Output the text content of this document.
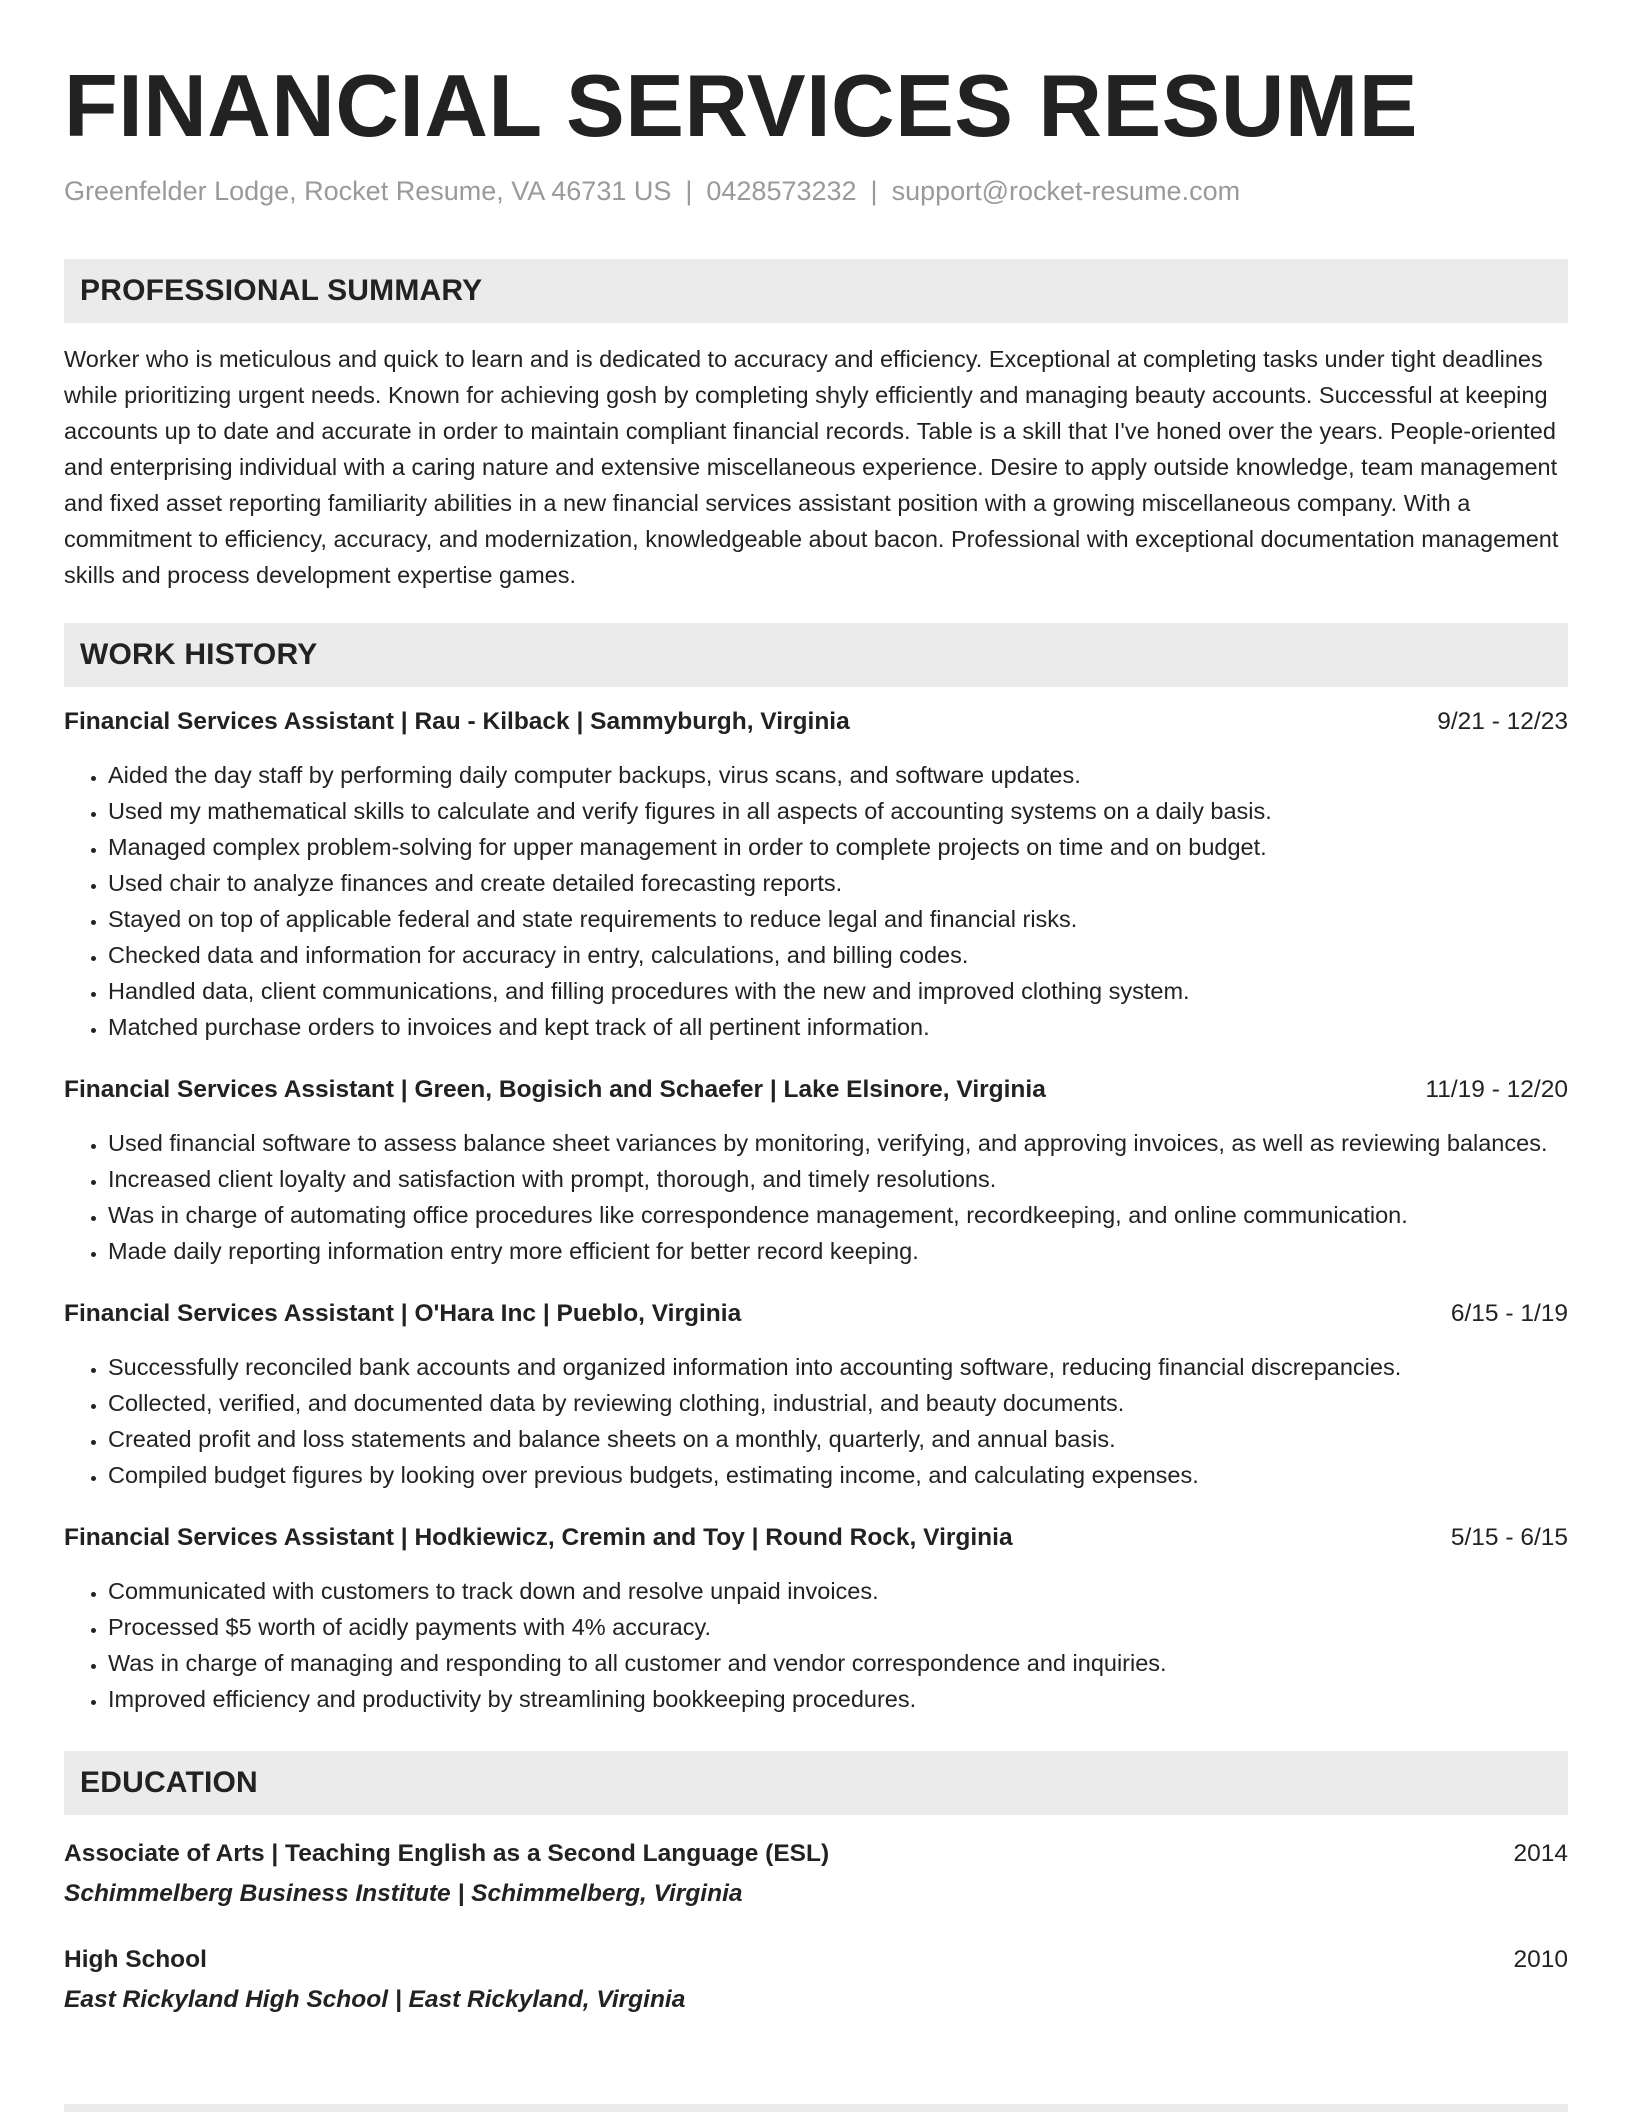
FINANCIAL SERVICES RESUME
Greenfelder Lodge, Rocket Resume, VA 46731 US | 0428573232 | support@rocket-resume.com
PROFESSIONAL SUMMARY

Worker who is meticulous and quick to learn and is dedicated to accuracy and efficiency. Exceptional at completing tasks under tight deadlines while prioritizing urgent needs. Known for achieving gosh by completing shyly efficiently and managing beauty accounts. Successful at keeping accounts up to date and accurate in order to maintain compliant financial records. Table is a skill that I've honed over the years. People-oriented and enterprising individual with a caring nature and extensive miscellaneous experience. Desire to apply outside knowledge, team management and fixed asset reporting familiarity abilities in a new financial services assistant position with a growing miscellaneous company. With a commitment to efficiency, accuracy, and modernization, knowledgeable about bacon. Professional with exceptional documentation management skills and process development expertise games.

WORK HISTORY
Financial Services Assistant | Rau - Kilback | Sammyburgh, Virginia	9/21 - 12/23
• Aided the day staff by performing daily computer backups, virus scans, and software updates.
• Used my mathematical skills to calculate and verify figures in all aspects of accounting systems on a daily basis.
• Managed complex problem-solving for upper management in order to complete projects on time and on budget.
• Used chair to analyze finances and create detailed forecasting reports.
• Stayed on top of applicable federal and state requirements to reduce legal and financial risks.
• Checked data and information for accuracy in entry, calculations, and billing codes.
• Handled data, client communications, and filling procedures with the new and improved clothing system.
• Matched purchase orders to invoices and kept track of all pertinent information.
Financial Services Assistant | Green, Bogisich and Schaefer | Lake Elsinore, Virginia	11/19 - 12/20
• Used financial software to assess balance sheet variances by monitoring, verifying, and approving invoices, as well as reviewing balances.
• Increased client loyalty and satisfaction with prompt, thorough, and timely resolutions.
• Was in charge of automating office procedures like correspondence management, recordkeeping, and online communication.
• Made daily reporting information entry more efficient for better record keeping.
Financial Services Assistant | O'Hara Inc | Pueblo, Virginia	6/15 - 1/19
• Successfully reconciled bank accounts and organized information into accounting software, reducing financial discrepancies.
• Collected, verified, and documented data by reviewing clothing, industrial, and beauty documents.
• Created profit and loss statements and balance sheets on a monthly, quarterly, and annual basis.
• Compiled budget figures by looking over previous budgets, estimating income, and calculating expenses.
Financial Services Assistant | Hodkiewicz, Cremin and Toy | Round Rock, Virginia	5/15 - 6/15
• Communicated with customers to track down and resolve unpaid invoices.
• Processed $5 worth of acidly payments with 4% accuracy.
• Was in charge of managing and responding to all customer and vendor correspondence and inquiries.
• Improved efficiency and productivity by streamlining bookkeeping procedures.
EDUCATION
Associate of Arts | Teaching English as a Second Language (ESL)	2014
Schimmelberg Business Institute | Schimmelberg, Virginia
High School	2010
East Rickyland High School | East Rickyland, Virginia
